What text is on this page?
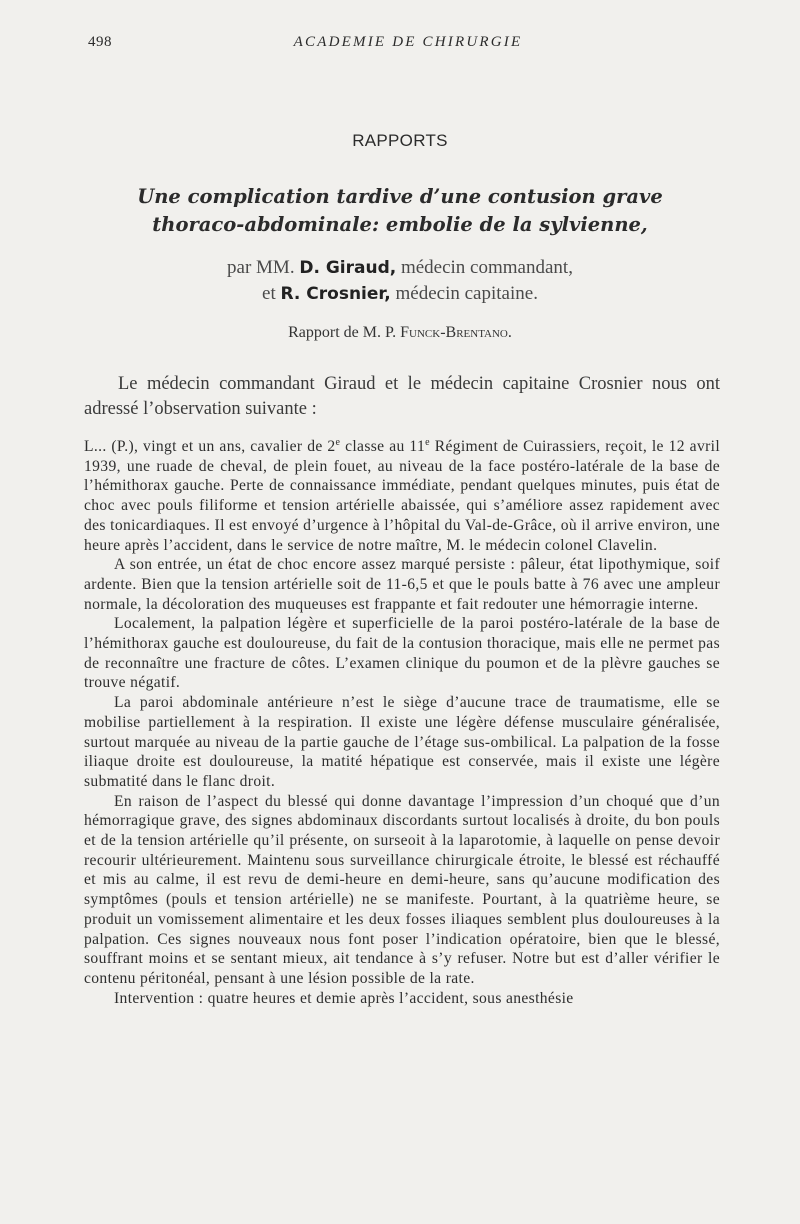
498	ACADEMIE DE CHIRURGIE
RAPPORTS
Une complication tardive d’une contusion grave
thoraco-abdominale: embolie de la sylvienne,
par MM. D. Giraud, médecin commandant,
et R. Crosnier, médecin capitaine.
Rapport de M. P. Funck-Brentano.
Le médecin commandant Giraud et le médecin capitaine Crosnier nous ont adressé l’observation suivante :

L... (P.), vingt et un ans, cavalier de 2e classe au 11e Régiment de Cuirassiers, reçoit, le 12 avril 1939, une ruade de cheval, de plein fouet, au niveau de la face postéro-latérale de la base de l’hémithorax gauche. Perte de connaissance immédiate, pendant quelques minutes, puis état de choc avec pouls filiforme et tension artérielle abaissée, qui s’améliore assez rapidement avec des tonicardiaques. Il est envoyé d’urgence à l’hôpital du Val-de-Grâce, où il arrive environ, une heure après l’accident, dans le service de notre maître, M. le médecin colonel Clavelin.

A son entrée, un état de choc encore assez marqué persiste : pâleur, état lipothymique, soif ardente. Bien que la tension artérielle soit de 11-6,5 et que le pouls batte à 76 avec une ampleur normale, la décoloration des muqueuses est frappante et fait redouter une hémorragie interne.

Localement, la palpation légère et superficielle de la paroi postéro-latérale de la base de l’hémithorax gauche est douloureuse, du fait de la contusion thoracique, mais elle ne permet pas de reconnaître une fracture de côtes. L’examen clinique du poumon et de la plèvre gauches se trouve négatif.

La paroi abdominale antérieure n’est le siège d’aucune trace de traumatisme, elle se mobilise partiellement à la respiration. Il existe une légère défense musculaire généralisée, surtout marquée au niveau de la partie gauche de l’étage sus-ombilical. La palpation de la fosse iliaque droite est douloureuse, la matité hépatique est conservée, mais il existe une légère submatité dans le flanc droit.

En raison de l’aspect du blessé qui donne davantage l’impression d’un choqué que d’un hémorragique grave, des signes abdominaux discordants surtout localisés à droite, du bon pouls et de la tension artérielle qu’il présente, on surseoit à la laparotomie, à laquelle on pense devoir recourir ultérieurement. Maintenu sous surveillance chirurgicale étroite, le blessé est réchauffé et mis au calme, il est revu de demi-heure en demi-heure, sans qu’aucune modification des symptômes (pouls et tension artérielle) ne se manifeste. Pourtant, à la quatrième heure, se produit un vomissement alimentaire et les deux fosses iliaques semblent plus douloureuses à la palpation. Ces signes nouveaux nous font poser l’indication opératoire, bien que le blessé, souffrant moins et se sentant mieux, ait tendance à s’y refuser. Notre but est d’aller vérifier le contenu péritonéal, pensant à une lésion possible de la rate.

Intervention : quatre heures et demie après l’accident, sous anesthésie
